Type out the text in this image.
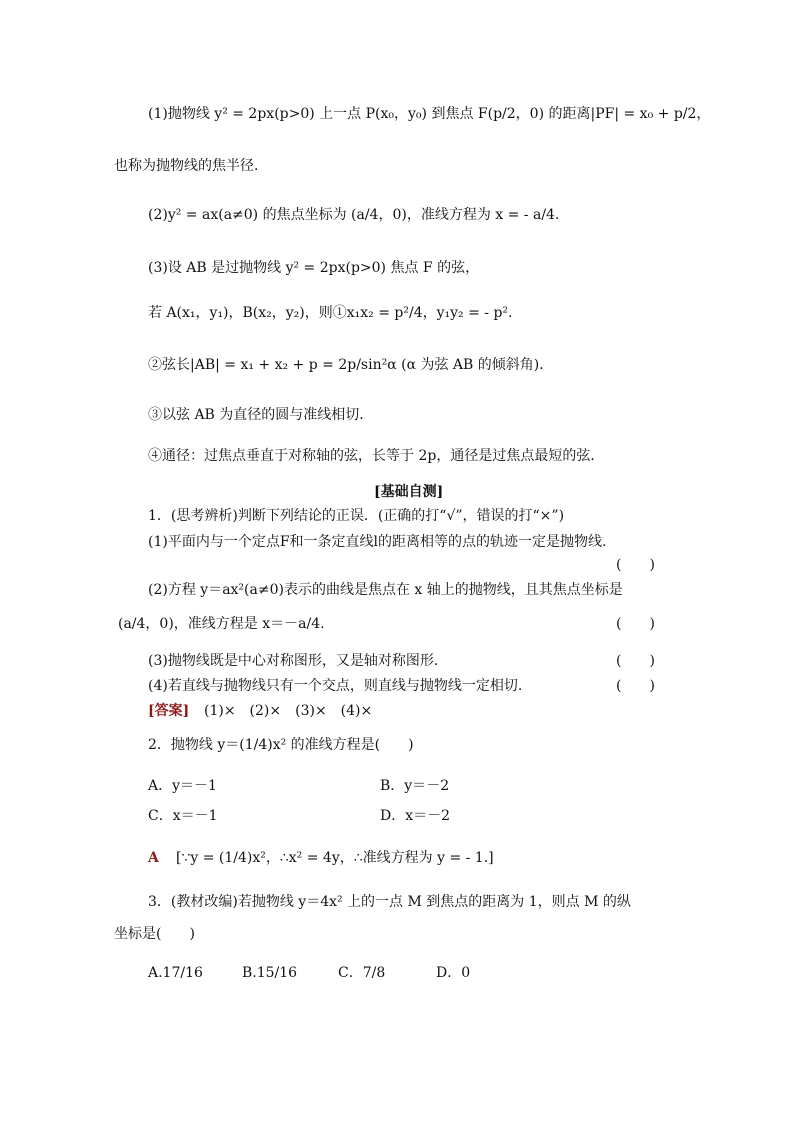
(1)抛物线 y² = 2px(p>0) 上一点 P(x₀，y₀) 到焦点 F(p/2，0) 的距离|PF| = x₀ + p/2，
也称为抛物线的焦半径．
(2)y² = ax(a≠0) 的焦点坐标为 (a/4，0)，准线方程为 x = - a/4.
(3)设 AB 是过抛物线 y² = 2px(p>0) 焦点 F 的弦，
若 A(x₁，y₁)，B(x₂，y₂)，则①x₁x₂ = p²/4，y₁y₂ = - p².
②弦长|AB| = x₁ + x₂ + p = 2p/sin²α (α 为弦 AB 的倾斜角)．
③以弦 AB 为直径的圆与准线相切．
④通径：过焦点垂直于对称轴的弦，长等于 2p，通径是过焦点最短的弦．
[基础自测]
1．(思考辨析)判断下列结论的正误．(正确的打“√”，错误的打“×”)
(1)平面内与一个定点F和一条定直线l的距离相等的点的轨迹一定是抛物线.
(　　)
(2)方程 y＝ax²(a≠0)表示的曲线是焦点在 x 轴上的抛物线，且其焦点坐标是
(a/4，0)，准线方程是 x＝－a/4.	(　　)
(3)抛物线既是中心对称图形，又是轴对称图形.	(　　)
(4)若直线与抛物线只有一个交点，则直线与抛物线一定相切.	(　　)
[答案] (1)×　(2)×　(3)×　(4)×
2．抛物线 y＝(1/4)x² 的准线方程是(　　)
A．y＝－1	B．y＝－2
C．x＝－1	D．x＝－2
A [∵y = (1/4)x²，∴x² = 4y，∴准线方程为 y = - 1.]
3．(教材改编)若抛物线 y＝4x² 上的一点 M 到焦点的距离为 1，则点 M 的纵
坐标是(　　)
A.17/16	B.15/16	C．7/8	D．0
